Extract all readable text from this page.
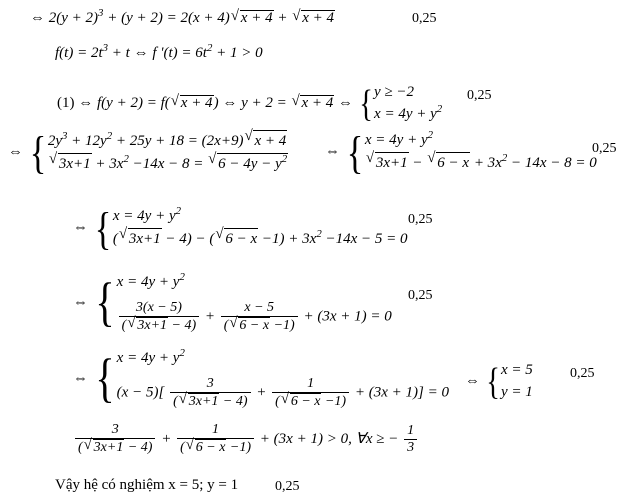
⇔ $2(y + 2)^3 + (y + 2) = 2(x + 4)$ √ x + 4 + √ x + 4	0,25
$f(t) = 2t^3 + t$ ⇔ f '$(t) = 6t^2 + 1 > 0$
(1) ⇔ f(y + 2) = f( √ x + 4) ⇔ y + 2 = √ x + 4 ⇔ { y ≥ −2
$x = 4y + y^2$
0,25
⇔ { $2y^3 + 12y^2 + 25y + 18 = (2x+9)$ √ x + 4
√ $3x+1 + 3x^2 -14x - 8$ = √ $6 - 4y - y^2$	⇔ { $x = 4y + y^2$
√ 3x+1 − √ $6 - x + 3x^2 - 14x - 8 = 0$
0,25
⇔ { $x = 4y + y^2$
( √ 3x+1 − 4) − ( √ $6 - x -1) + 3x^2 -14x - 5 = 0$
0,25
⇔ { $x = 4y + y^2$
$\frac{3(x - 5)}{( √ 3x+1 - 4)} + \frac{x - 5}{( √ 6 - x -1)} + (3x + 1) = 0$
0,25
⇔ { $x = 4y + y^2$
$(x - 5)[ \frac{3}{( √ 3x+1 - 4)} + \frac{1}{( √ 6 - x -1)} + (3x + 1)] = 0$
⇔ { x = 5
y = 1
0,25
$\frac{3}{( √ 3x+1 - 4)} + \frac{1}{( √ 6 - x -1)} + (3x + 1) > 0$, ∀x ≥ − $\frac{1}{3}$
Vậy hệ có nghiệm x = 5; y = 1	0,25
